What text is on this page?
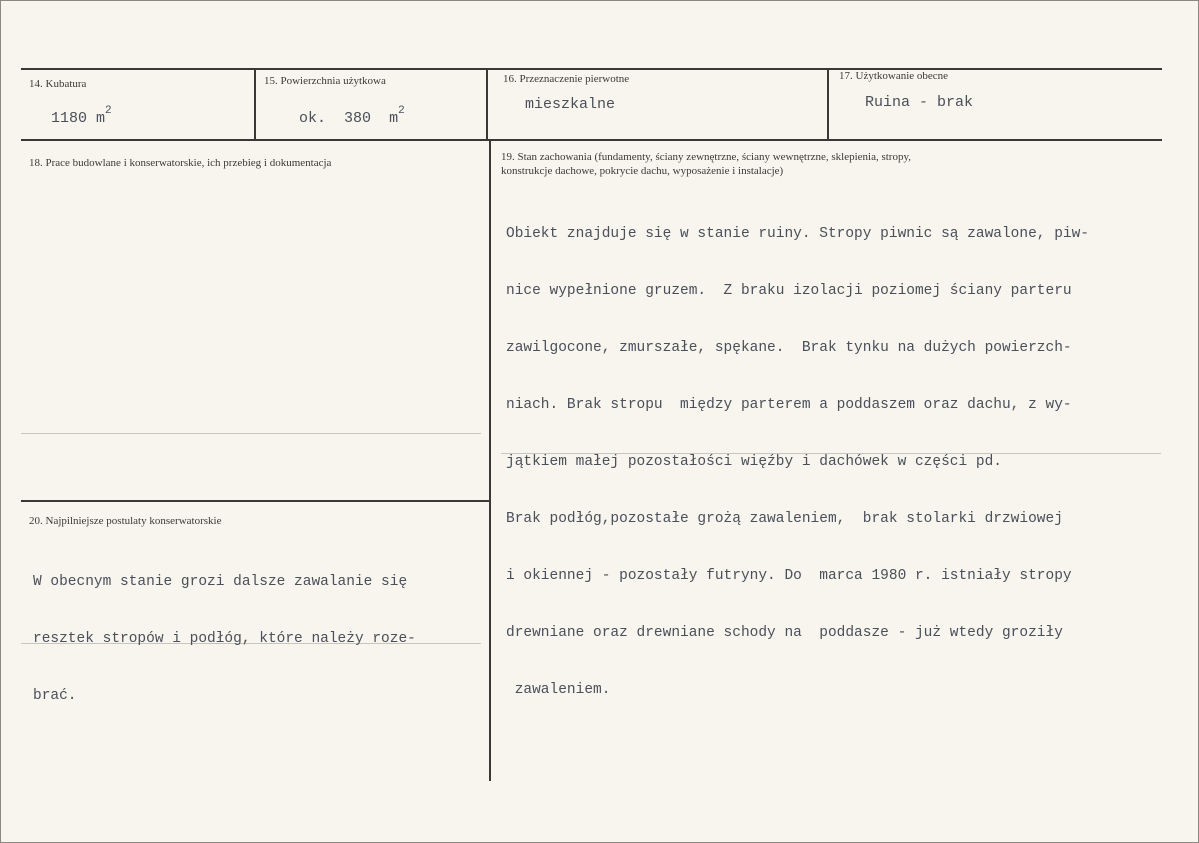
14. Kubatura
1180 $m^2$
15. Powierzchnia użytkowa
ok. 380 $m^2$
16. Przeznaczenie pierwotne
mieszkalne
17. Użytkowanie obecne
Ruina - brak
18. Prace budowlane i konserwatorskie, ich przebieg i dokumentacja	19. Stan zachowania (fundamenty, ściany zewnętrzne, ściany wewnętrzne, sklepienia, stropy,
konstrukcje dachowe, pokrycie dachu, wyposażenie i instalacje)

Obiekt znajduje się w stanie ruiny. Stropy piwnic są zawalone, piw-

nice wypełnione gruzem.  Z braku izolacji poziomej ściany parteru

zawilgocone, zmurszałe, spękane.  Brak tynku na dużych powierzch-

niach. Brak stropu  między parterem a poddaszem oraz dachu, z wy-

jątkiem małej pozostałości więźby i dachówek w części pd.

Brak podłóg,pozostałe grożą zawaleniem,  brak stolarki drzwiowej

i okiennej - pozostały futryny. Do  marca 1980 r. istniały stropy

drewniane oraz drewniane schody na  poddasze - już wtedy groziły

zawaleniem.

20. Najpilniejsze postulaty konserwatorskie

W obecnym stanie grozi dalsze zawalanie się

resztek stropów i podłóg, które należy roze-

brać.
